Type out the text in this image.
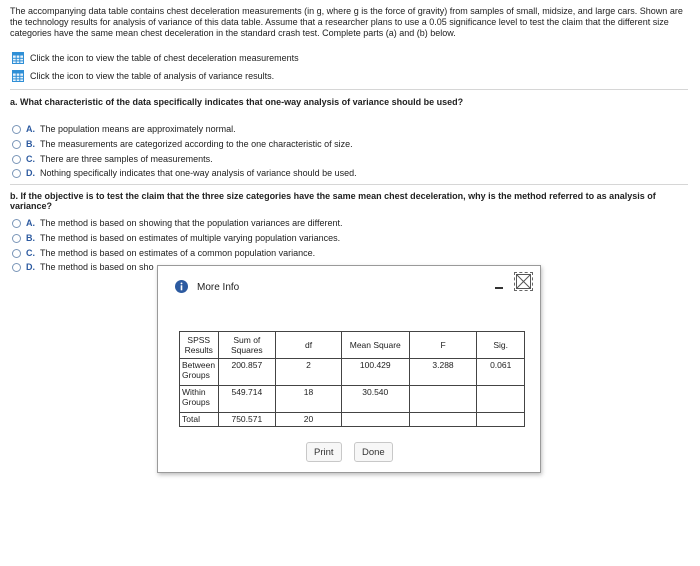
The accompanying data table contains chest deceleration measurements (in g, where g is the force of gravity) from samples of small, midsize, and large cars. Shown are the technology results for analysis of variance of this data table. Assume that a researcher plans to use a 0.05 significance level to test the claim that the different size categories have the same mean chest deceleration in the standard crash test. Complete parts (a) and (b) below.
Click the icon to view the table of chest deceleration measurements
Click the icon to view the table of analysis of variance results.
a. What characteristic of the data specifically indicates that one-way analysis of variance should be used?
A. The population means are approximately normal.
B. The measurements are categorized according to the one characteristic of size.
C. There are three samples of measurements.
D. Nothing specifically indicates that one-way analysis of variance should be used.
b. If the objective is to test the claim that the three size categories have the same mean chest deceleration, why is the method referred to as analysis of variance?
A. The method is based on showing that the population variances are different.
B. The method is based on estimates of multiple varying population variances.
C. The method is based on estimates of a common population variance.
D. The method is based on sho
More Info
SPSS Results	Sum of Squares	df	Mean Square	F	Sig.
Between Groups	200.857	2	100.429	3.288	0.061
Within Groups	549.714	18	30.540		
Total	750.571	20			
Print	Done
